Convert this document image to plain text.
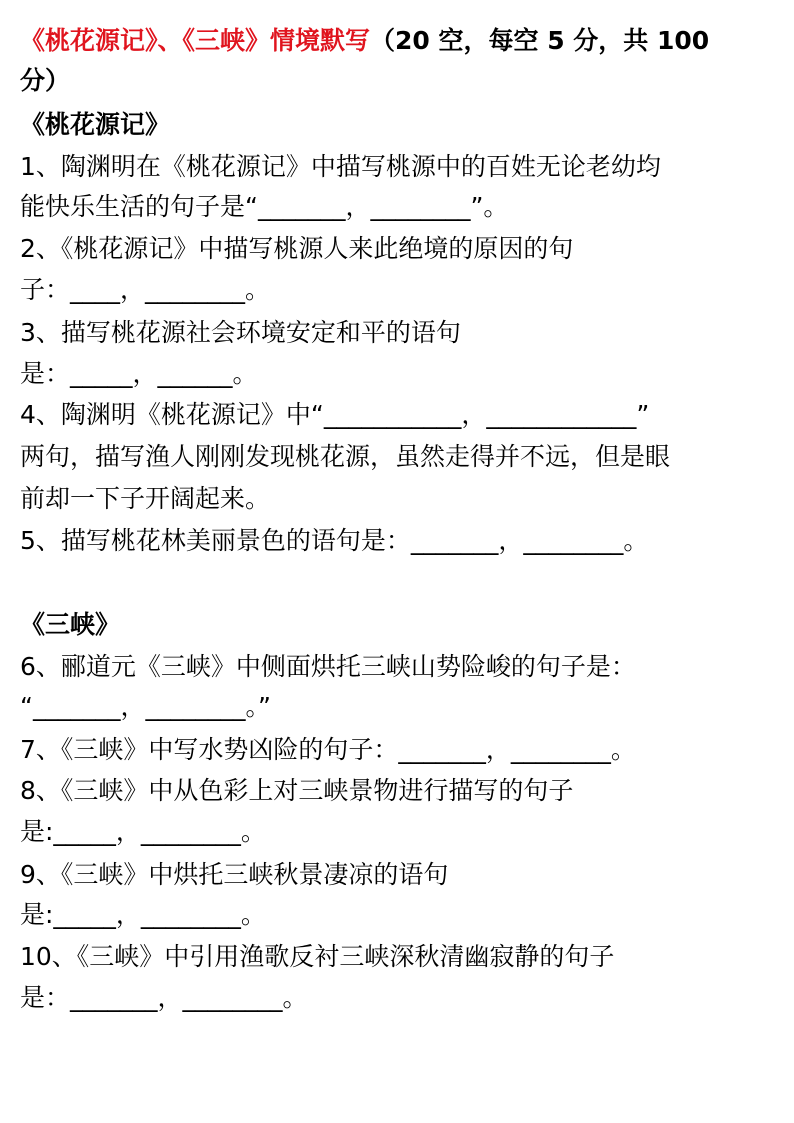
《桃花源记》、《三峡》情境默写（20 空，每空 5 分，共 100
分）
《桃花源记》
1、陶渊明在《桃花源记》中描写桃源中的百姓无论老幼均
能快乐生活的句子是“_______，________”。
2、《桃花源记》中描写桃源人来此绝境的原因的句
子：____，________。
3、描写桃花源社会环境安定和平的语句
是：_____，______。
4、陶渊明《桃花源记》中“___________，____________”
两句，描写渔人刚刚发现桃花源，虽然走得并不远，但是眼
前却一下子开阔起来。
5、描写桃花林美丽景色的语句是：_______，________。
《三峡》
6、郦道元《三峡》中侧面烘托三峡山势险峻的句子是：
“_______，________。”
7、《三峡》中写水势凶险的句子：_______，________。
8、《三峡》中从色彩上对三峡景物进行描写的句子
是:_____，________。
9、《三峡》中烘托三峡秋景凄凉的语句
是:_____，________。
10、《三峡》中引用渔歌反衬三峡深秋清幽寂静的句子
是：_______，________。
